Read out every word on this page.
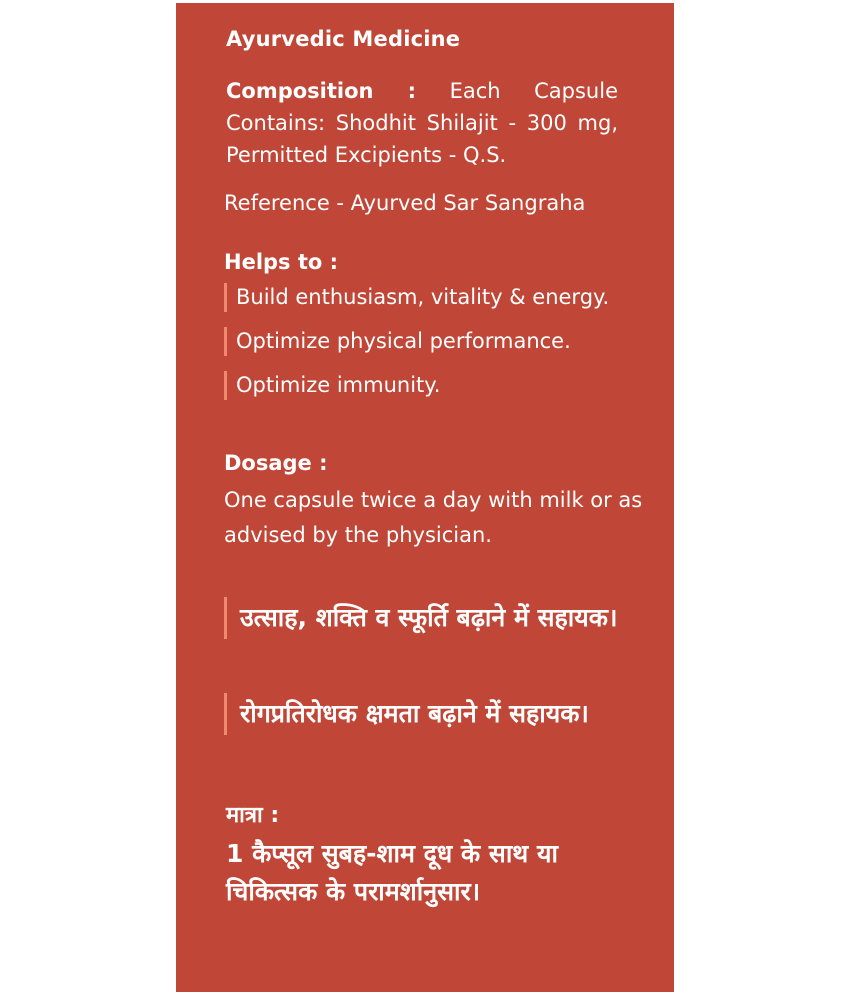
Ayurvedic Medicine
Composition : Each Capsule Contains: Shodhit Shilajit - 300 mg, Permitted Excipients - Q.S.
Reference - Ayurved Sar Sangraha
Helps to :
Build enthusiasm, vitality & energy.
Optimize physical performance.
Optimize immunity.
Dosage :
One capsule twice a day with milk or as advised by the physician.
उत्साह, शक्ति व स्फूर्ति बढ़ाने में सहायक।
रोगप्रतिरोधक क्षमता बढ़ाने में सहायक।
मात्रा :
1 कैप्सूल सुबह-शाम दूध के साथ या चिकित्सक के परामर्शानुसार।
